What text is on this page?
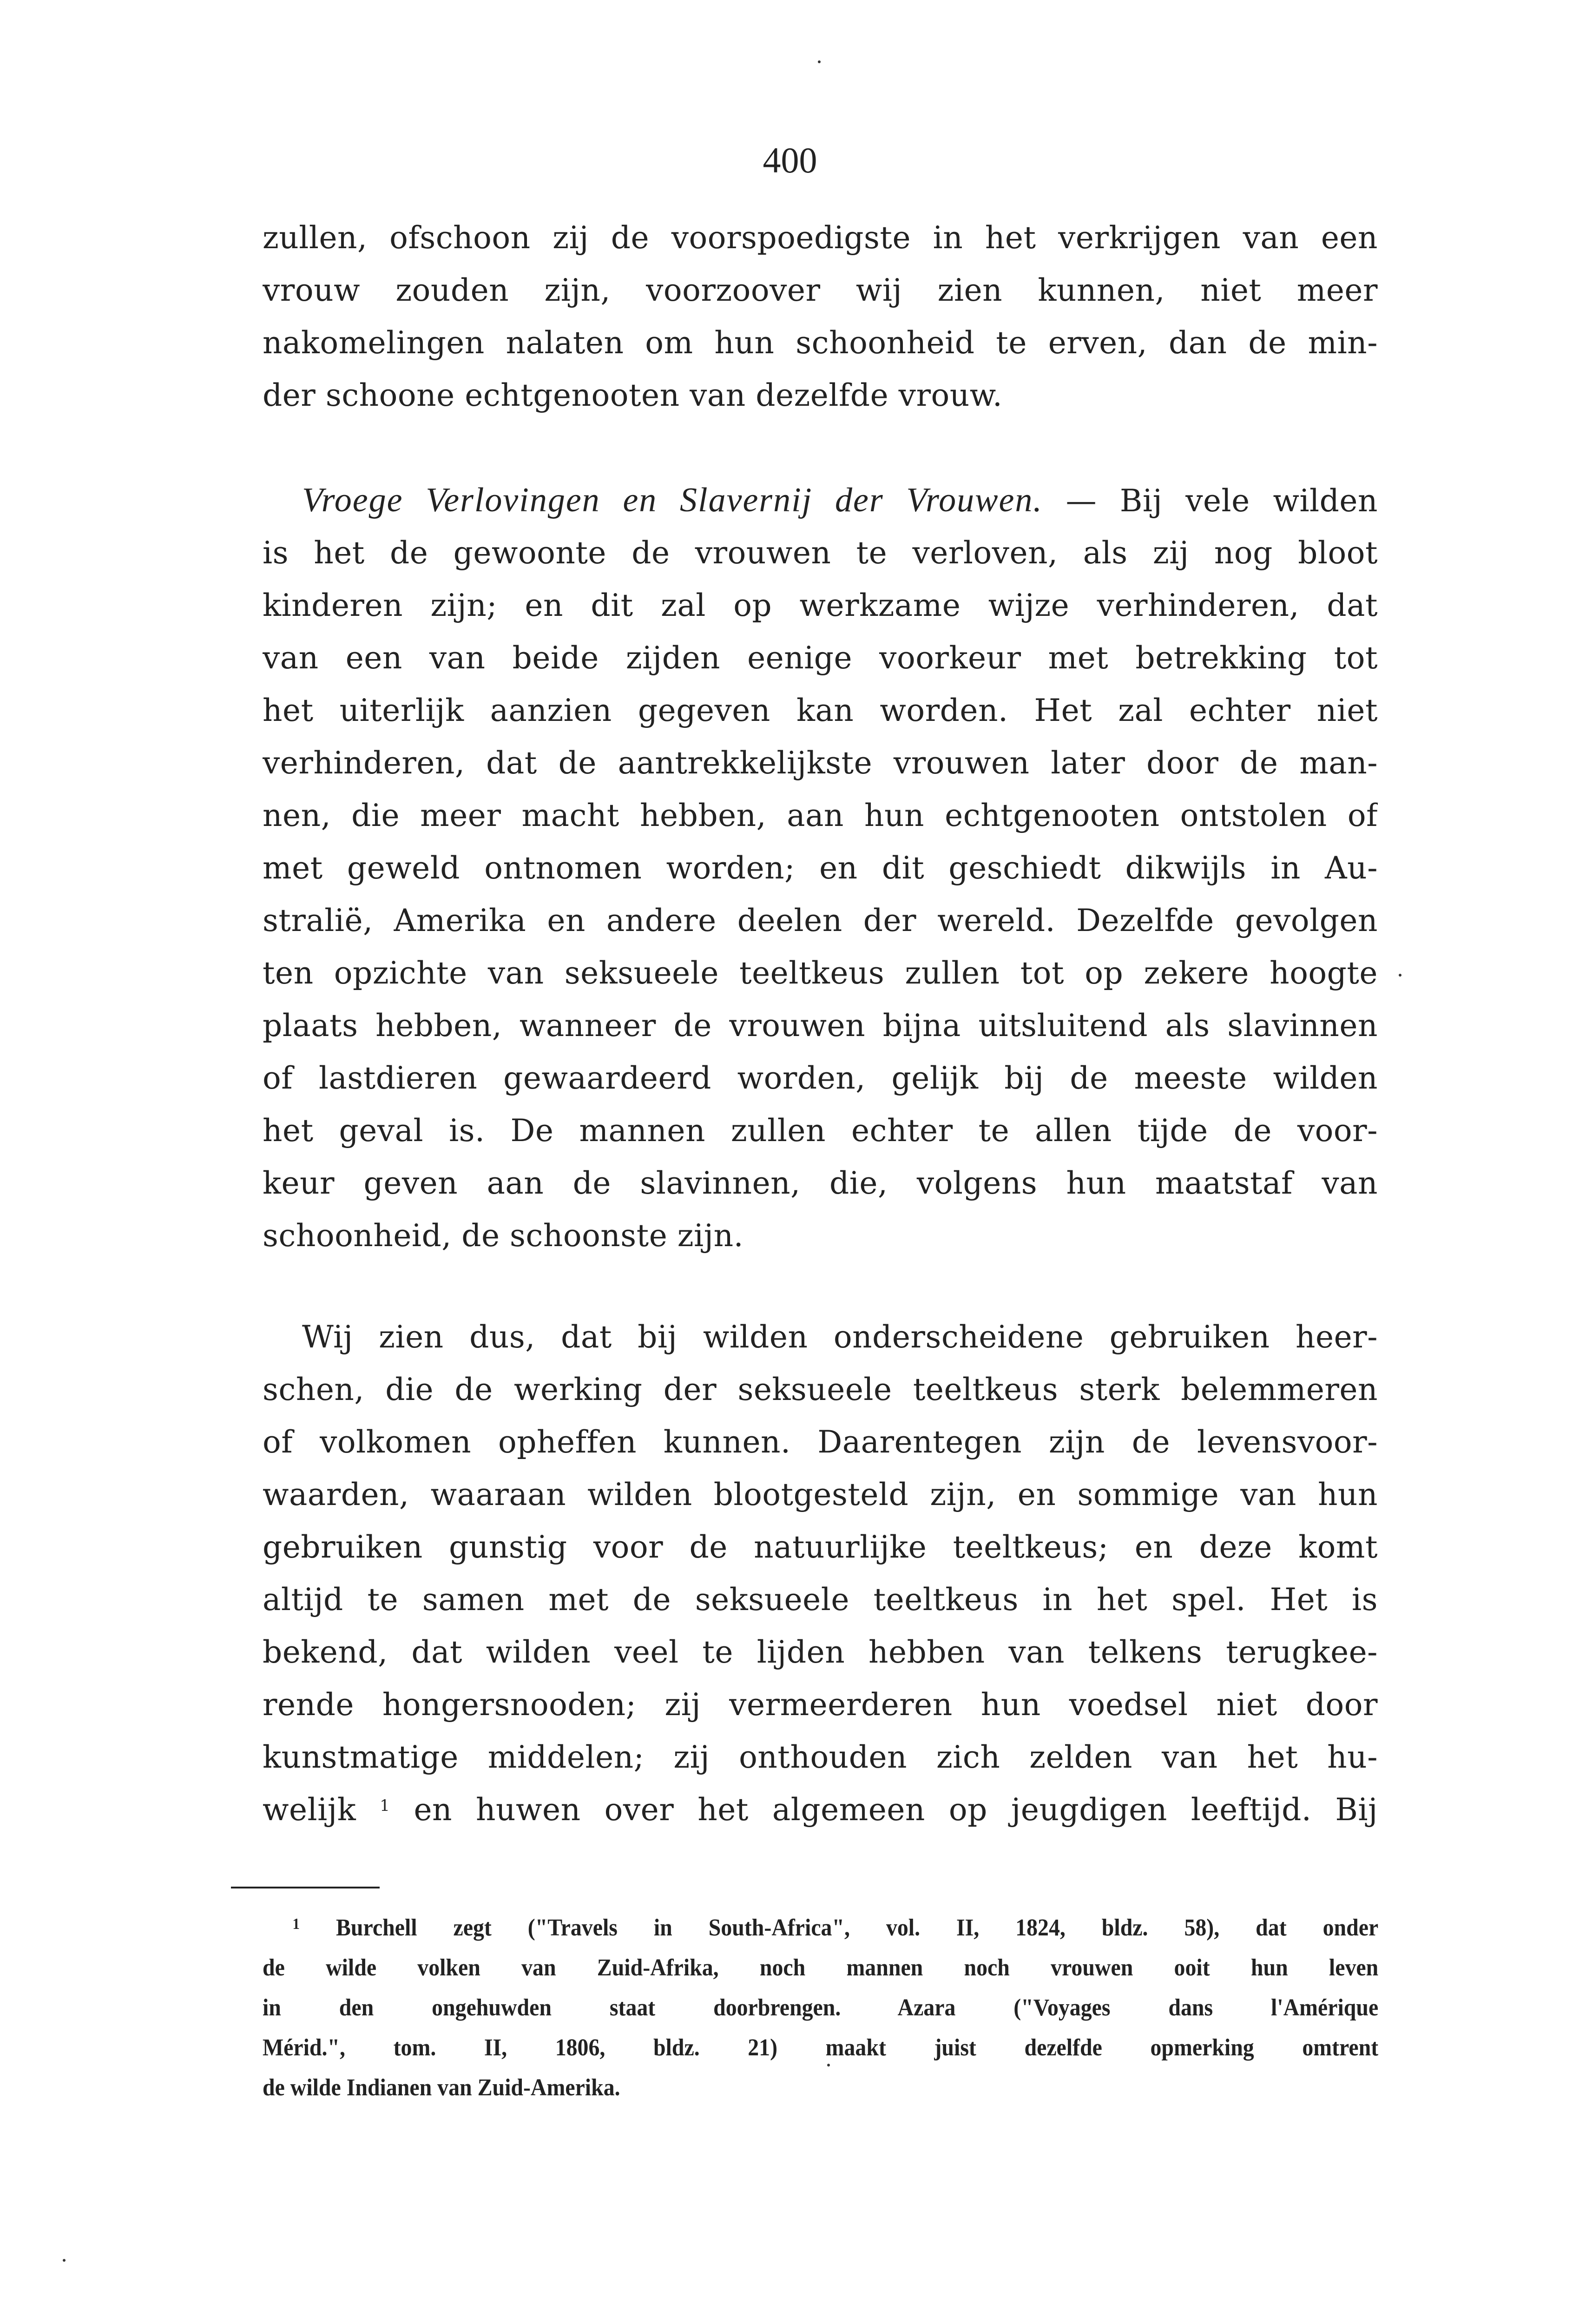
400
zullen, ofschoon zij de voorspoedigste in het verkrijgen van een
vrouw zouden zijn, voorzoover wij zien kunnen, niet meer
nakomelingen nalaten om hun schoonheid te erven, dan de min-
der schoone echtgenooten van dezelfde vrouw.
Vroege Verlovingen en Slavernij der Vrouwen. — Bij vele wilden
is het de gewoonte de vrouwen te verloven, als zij nog bloot
kinderen zijn; en dit zal op werkzame wijze verhinderen, dat
van een van beide zijden eenige voorkeur met betrekking tot
het uiterlijk aanzien gegeven kan worden. Het zal echter niet
verhinderen, dat de aantrekkelijkste vrouwen later door de man-
nen, die meer macht hebben, aan hun echtgenooten ontstolen of
met geweld ontnomen worden; en dit geschiedt dikwijls in Au-
stralië, Amerika en andere deelen der wereld. Dezelfde gevolgen
ten opzichte van seksueele teeltkeus zullen tot op zekere hoogte
plaats hebben, wanneer de vrouwen bijna uitsluitend als slavinnen
of lastdieren gewaardeerd worden, gelijk bij de meeste wilden
het geval is. De mannen zullen echter te allen tijde de voor-
keur geven aan de slavinnen, die, volgens hun maatstaf van
schoonheid, de schoonste zijn.
Wij zien dus, dat bij wilden onderscheidene gebruiken heer-
schen, die de werking der seksueele teeltkeus sterk belemmeren
of volkomen opheffen kunnen. Daarentegen zijn de levensvoor-
waarden, waaraan wilden blootgesteld zijn, en sommige van hun
gebruiken gunstig voor de natuurlijke teeltkeus; en deze komt
altijd te samen met de seksueele teeltkeus in het spel. Het is
bekend, dat wilden veel te lijden hebben van telkens terugkee-
rende hongersnooden; zij vermeerderen hun voedsel niet door
kunstmatige middelen; zij onthouden zich zelden van het hu-
welijk $^1$ en huwen over het algemeen op jeugdigen leeftijd. Bij
$^1$ Burchell zegt ("Travels in South-Africa", vol. II, 1824, bldz. 58), dat onder
de wilde volken van Zuid-Afrika, noch mannen noch vrouwen ooit hun leven
in den ongehuwden staat doorbrengen. Azara ("Voyages dans l'Amérique
Mérid.", tom. II, 1806, bldz. 21) maakt juist dezelfde opmerking omtrent
de wilde Indianen van Zuid-Amerika.
